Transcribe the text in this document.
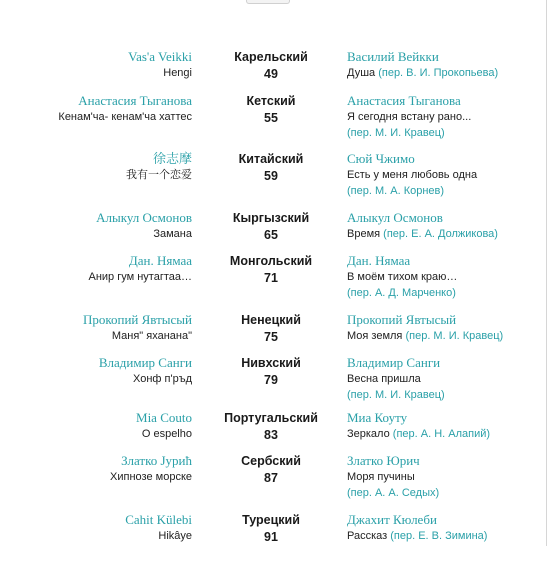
Vas'a Veikki
Hengi
Карельский
49
Василий Вейкки
Душа (пер. В. И. Прокопьева)
Анастасия Тыганова
Кенам'ча- кенам'ча хаттес
Кетский
55
Анастасия Тыганова
Я сегодня встану рано...
(пер. М. И. Кравец)
徐志摩
我有一个恋爱
Китайский
59
Сюй Чжимо
Есть у меня любовь одна
(пер. М. А. Корнев)
Алыкул Осмонов
Замана
Кыргызский
65
Алыкул Осмонов
Время (пер. Е. А. Должикова)
Дан. Нямаа
Анир гум нутагтаа…
Монгольский
71
Дан. Нямаа
В моём тихом краю…
(пер. А. Д. Марченко)
Прокопий Явтысый
Маня" яханана"
Ненецкий
75
Прокопий Явтысый
Моя земля (пер. М. И. Кравец)
Владимир Санги
Хонф п'ръд
Нивхский
79
Владимир Санги
Весна пришла
(пер. М. И. Кравец)
Mia Couto
O espelho
Португальский
83
Миа Коуту
Зеркало (пер. А. Н. Алапий)
Златко Јурић
Хипнозе морске
Сербский
87
Златко Юрич
Моря пучины
(пер. А. А. Седых)
Cahit Külebi
Hikâye
Турецкий
91
Джахит Кюлеби
Рассказ (пер. Е. В. Зимина)
